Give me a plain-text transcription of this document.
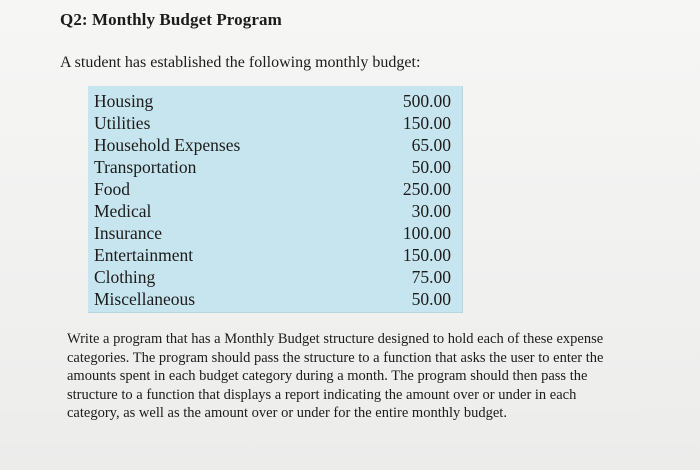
Q2: Monthly Budget Program
A student has established the following monthly budget:
Housing	500.00
Utilities	150.00
Household Expenses	65.00
Transportation	50.00
Food	250.00
Medical	30.00
Insurance	100.00
Entertainment	150.00
Clothing	75.00
Miscellaneous	50.00
Write a program that has a Monthly Budget structure designed to hold each of these expense
categories. The program should pass the structure to a function that asks the user to enter the
amounts spent in each budget category during a month. The program should then pass the
structure to a function that displays a report indicating the amount over or under in each
category, as well as the amount over or under for the entire monthly budget.
